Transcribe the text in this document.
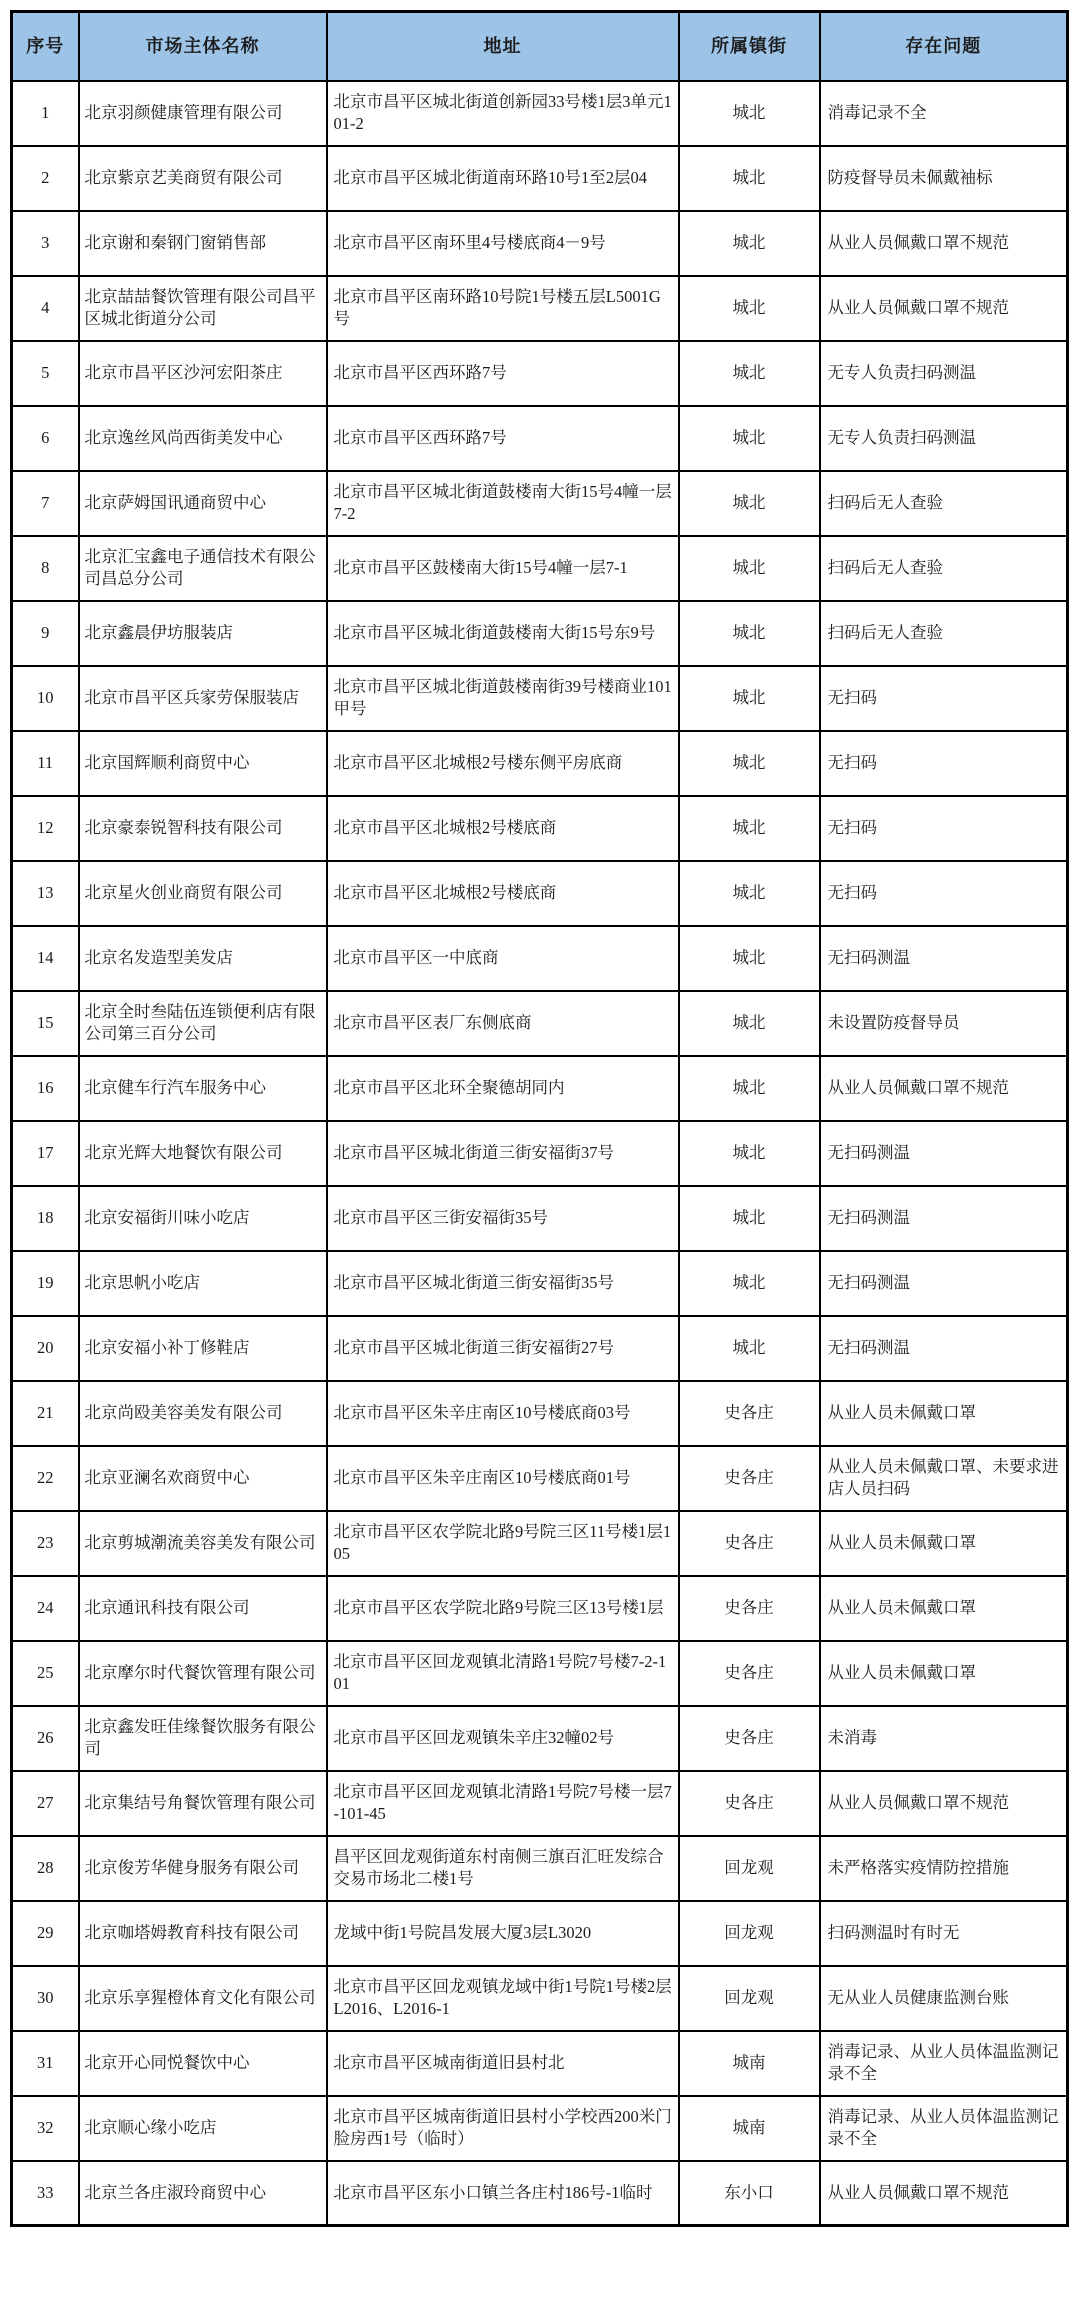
序号	市场主体名称	地址	所属镇街	存在问题
1	北京羽颜健康管理有限公司	北京市昌平区城北街道创新园33号楼1层3单元101-2	城北	消毒记录不全
2	北京紫京艺美商贸有限公司	北京市昌平区城北街道南环路10号1至2层04	城北	防疫督导员未佩戴袖标
3	北京谢和秦钢门窗销售部	北京市昌平区南环里4号楼底商4－9号	城北	从业人员佩戴口罩不规范
4	北京喆喆餐饮管理有限公司昌平区城北街道分公司	北京市昌平区南环路10号院1号楼五层L5001G号	城北	从业人员佩戴口罩不规范
5	北京市昌平区沙河宏阳茶庄	北京市昌平区西环路7号	城北	无专人负责扫码测温
6	北京逸丝风尚西街美发中心	北京市昌平区西环路7号	城北	无专人负责扫码测温
7	北京萨姆国讯通商贸中心	北京市昌平区城北街道鼓楼南大街15号4幢一层7-2	城北	扫码后无人查验
8	北京汇宝鑫电子通信技术有限公司昌总分公司	北京市昌平区鼓楼南大街15号4幢一层7-1	城北	扫码后无人查验
9	北京鑫晨伊坊服装店	北京市昌平区城北街道鼓楼南大街15号东9号	城北	扫码后无人查验
10	北京市昌平区兵家劳保服装店	北京市昌平区城北街道鼓楼南街39号楼商业101甲号	城北	无扫码
11	北京国辉顺利商贸中心	北京市昌平区北城根2号楼东侧平房底商	城北	无扫码
12	北京豪泰锐智科技有限公司	北京市昌平区北城根2号楼底商	城北	无扫码
13	北京星火创业商贸有限公司	北京市昌平区北城根2号楼底商	城北	无扫码
14	北京名发造型美发店	北京市昌平区一中底商	城北	无扫码测温
15	北京全时叁陆伍连锁便利店有限公司第三百分公司	北京市昌平区表厂东侧底商	城北	未设置防疫督导员
16	北京健车行汽车服务中心	北京市昌平区北环全聚德胡同内	城北	从业人员佩戴口罩不规范
17	北京光辉大地餐饮有限公司	北京市昌平区城北街道三街安福街37号	城北	无扫码测温
18	北京安福街川味小吃店	北京市昌平区三街安福街35号	城北	无扫码测温
19	北京思帆小吃店	北京市昌平区城北街道三街安福街35号	城北	无扫码测温
20	北京安福小补丁修鞋店	北京市昌平区城北街道三街安福街27号	城北	无扫码测温
21	北京尚殴美容美发有限公司	北京市昌平区朱辛庄南区10号楼底商03号	史各庄	从业人员未佩戴口罩
22	北京亚澜名欢商贸中心	北京市昌平区朱辛庄南区10号楼底商01号	史各庄	从业人员未佩戴口罩、未要求进店人员扫码
23	北京剪城潮流美容美发有限公司	北京市昌平区农学院北路9号院三区11号楼1层105	史各庄	从业人员未佩戴口罩
24	北京通讯科技有限公司	北京市昌平区农学院北路9号院三区13号楼1层	史各庄	从业人员未佩戴口罩
25	北京摩尔时代餐饮管理有限公司	北京市昌平区回龙观镇北清路1号院7号楼7-2-101	史各庄	从业人员未佩戴口罩
26	北京鑫发旺佳缘餐饮服务有限公司	北京市昌平区回龙观镇朱辛庄32幢02号	史各庄	未消毒
27	北京集结号角餐饮管理有限公司	北京市昌平区回龙观镇北清路1号院7号楼一层7-101-45	史各庄	从业人员佩戴口罩不规范
28	北京俊芳华健身服务有限公司	昌平区回龙观街道东村南侧三旗百汇旺发综合交易市场北二楼1号	回龙观	未严格落实疫情防控措施
29	北京咖塔姆教育科技有限公司	龙域中街1号院昌发展大厦3层L3020	回龙观	扫码测温时有时无
30	北京乐享猩橙体育文化有限公司	北京市昌平区回龙观镇龙域中街1号院1号楼2层L2016、L2016-1	回龙观	无从业人员健康监测台账
31	北京开心同悦餐饮中心	北京市昌平区城南街道旧县村北	城南	消毒记录、从业人员体温监测记录不全
32	北京顺心缘小吃店	北京市昌平区城南街道旧县村小学校西200米门脸房西1号（临时）	城南	消毒记录、从业人员体温监测记录不全
33	北京兰各庄淑玲商贸中心	北京市昌平区东小口镇兰各庄村186号-1临时	东小口	从业人员佩戴口罩不规范
